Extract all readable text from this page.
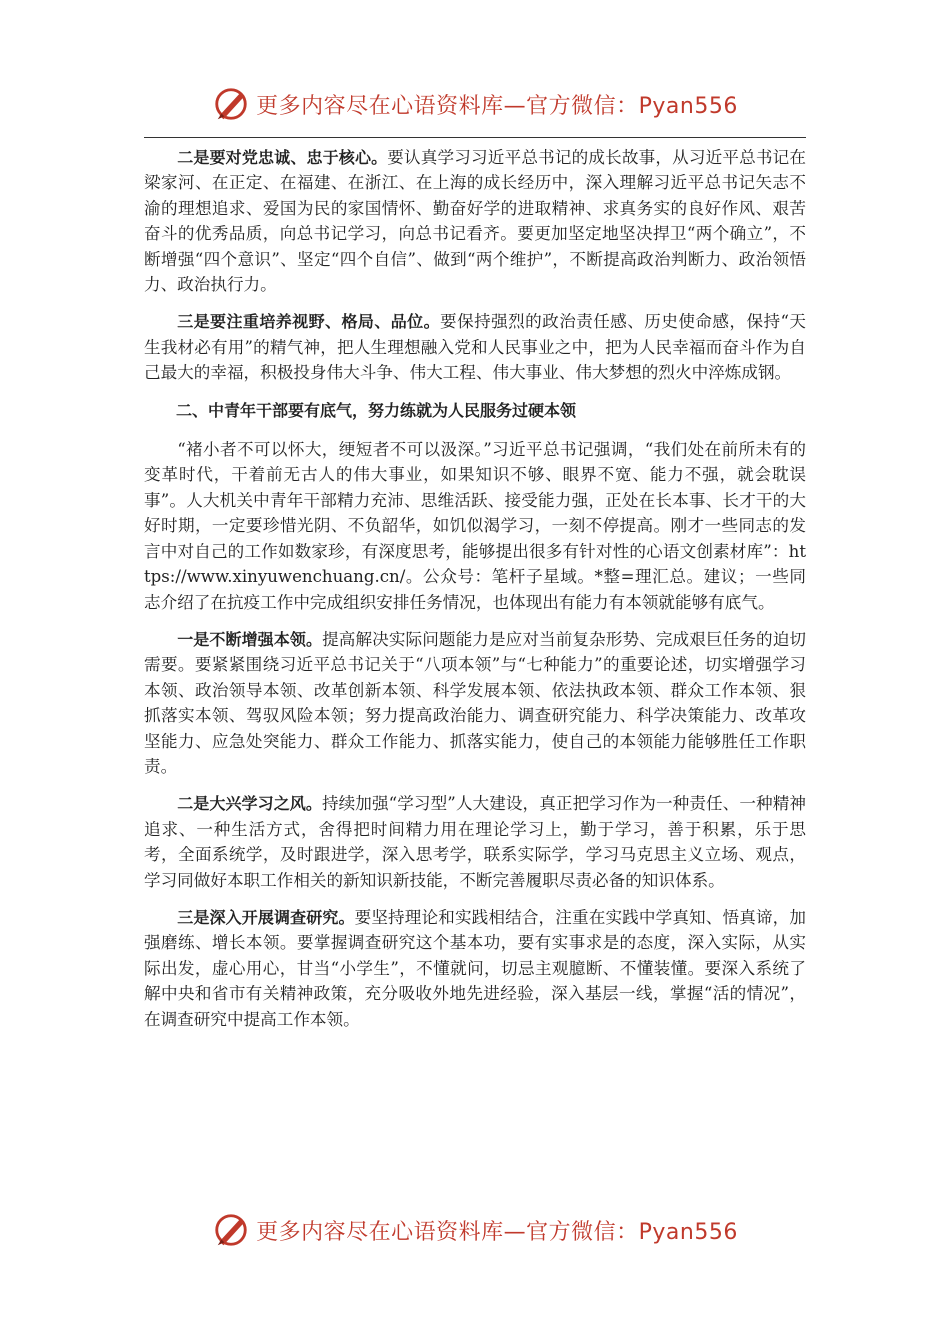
更多内容尽在心语资料库—官方微信：Pyan556

二是要对党忠诚、忠于核心。要认真学习习近平总书记的成长故事，从习近平总书记在梁家河、在正定、在福建、在浙江、在上海的成长经历中，深入理解习近平总书记矢志不渝的理想追求、爱国为民的家国情怀、勤奋好学的进取精神、求真务实的良好作风、艰苦奋斗的优秀品质，向总书记学习，向总书记看齐。要更加坚定地坚决捍卫“两个确立”，不断增强“四个意识”、坚定“四个自信”、做到“两个维护”，不断提高政治判断力、政治领悟力、政治执行力。

三是要注重培养视野、格局、品位。要保持强烈的政治责任感、历史使命感，保持“天生我材必有用”的精气神，把人生理想融入党和人民事业之中，把为人民幸福而奋斗作为自己最大的幸福，积极投身伟大斗争、伟大工程、伟大事业、伟大梦想的烈火中淬炼成钢。

二、中青年干部要有底气，努力练就为人民服务过硬本领

“褚小者不可以怀大，绠短者不可以汲深。”习近平总书记强调，“我们处在前所未有的变革时代，干着前无古人的伟大事业，如果知识不够、眼界不宽、能力不强，就会耽误事”。人大机关中青年干部精力充沛、思维活跃、接受能力强，正处在长本事、长才干的大好时期，一定要珍惜光阴、不负韶华，如饥似渴学习，一刻不停提高。刚才一些同志的发言中对自己的工作如数家珍，有深度思考，能够提出很多有针对性的心语文创素材库”：https://www.xinyuwenchuang.cn/。公众号：笔杆子星域。*整=理汇总。建议；一些同志介绍了在抗疫工作中完成组织安排任务情况，也体现出有能力有本领就能够有底气。

一是不断增强本领。提高解决实际问题能力是应对当前复杂形势、完成艰巨任务的迫切需要。要紧紧围绕习近平总书记关于“八项本领”与“七种能力”的重要论述，切实增强学习本领、政治领导本领、改革创新本领、科学发展本领、依法执政本领、群众工作本领、狠抓落实本领、驾驭风险本领；努力提高政治能力、调查研究能力、科学决策能力、改革攻坚能力、应急处突能力、群众工作能力、抓落实能力，使自己的本领能力能够胜任工作职责。

二是大兴学习之风。持续加强“学习型”人大建设，真正把学习作为一种责任、一种精神追求、一种生活方式，舍得把时间精力用在理论学习上，勤于学习，善于积累，乐于思考，全面系统学，及时跟进学，深入思考学，联系实际学，学习马克思主义立场、观点，学习同做好本职工作相关的新知识新技能，不断完善履职尽责必备的知识体系。

三是深入开展调查研究。要坚持理论和实践相结合，注重在实践中学真知、悟真谛，加强磨练、增长本领。要掌握调查研究这个基本功，要有实事求是的态度，深入实际，从实际出发，虚心用心，甘当“小学生”，不懂就问，切忌主观臆断、不懂装懂。要深入系统了解中央和省市有关精神政策，充分吸收外地先进经验，深入基层一线，掌握“活的情况”，在调查研究中提高工作本领。

更多内容尽在心语资料库—官方微信：Pyan556
